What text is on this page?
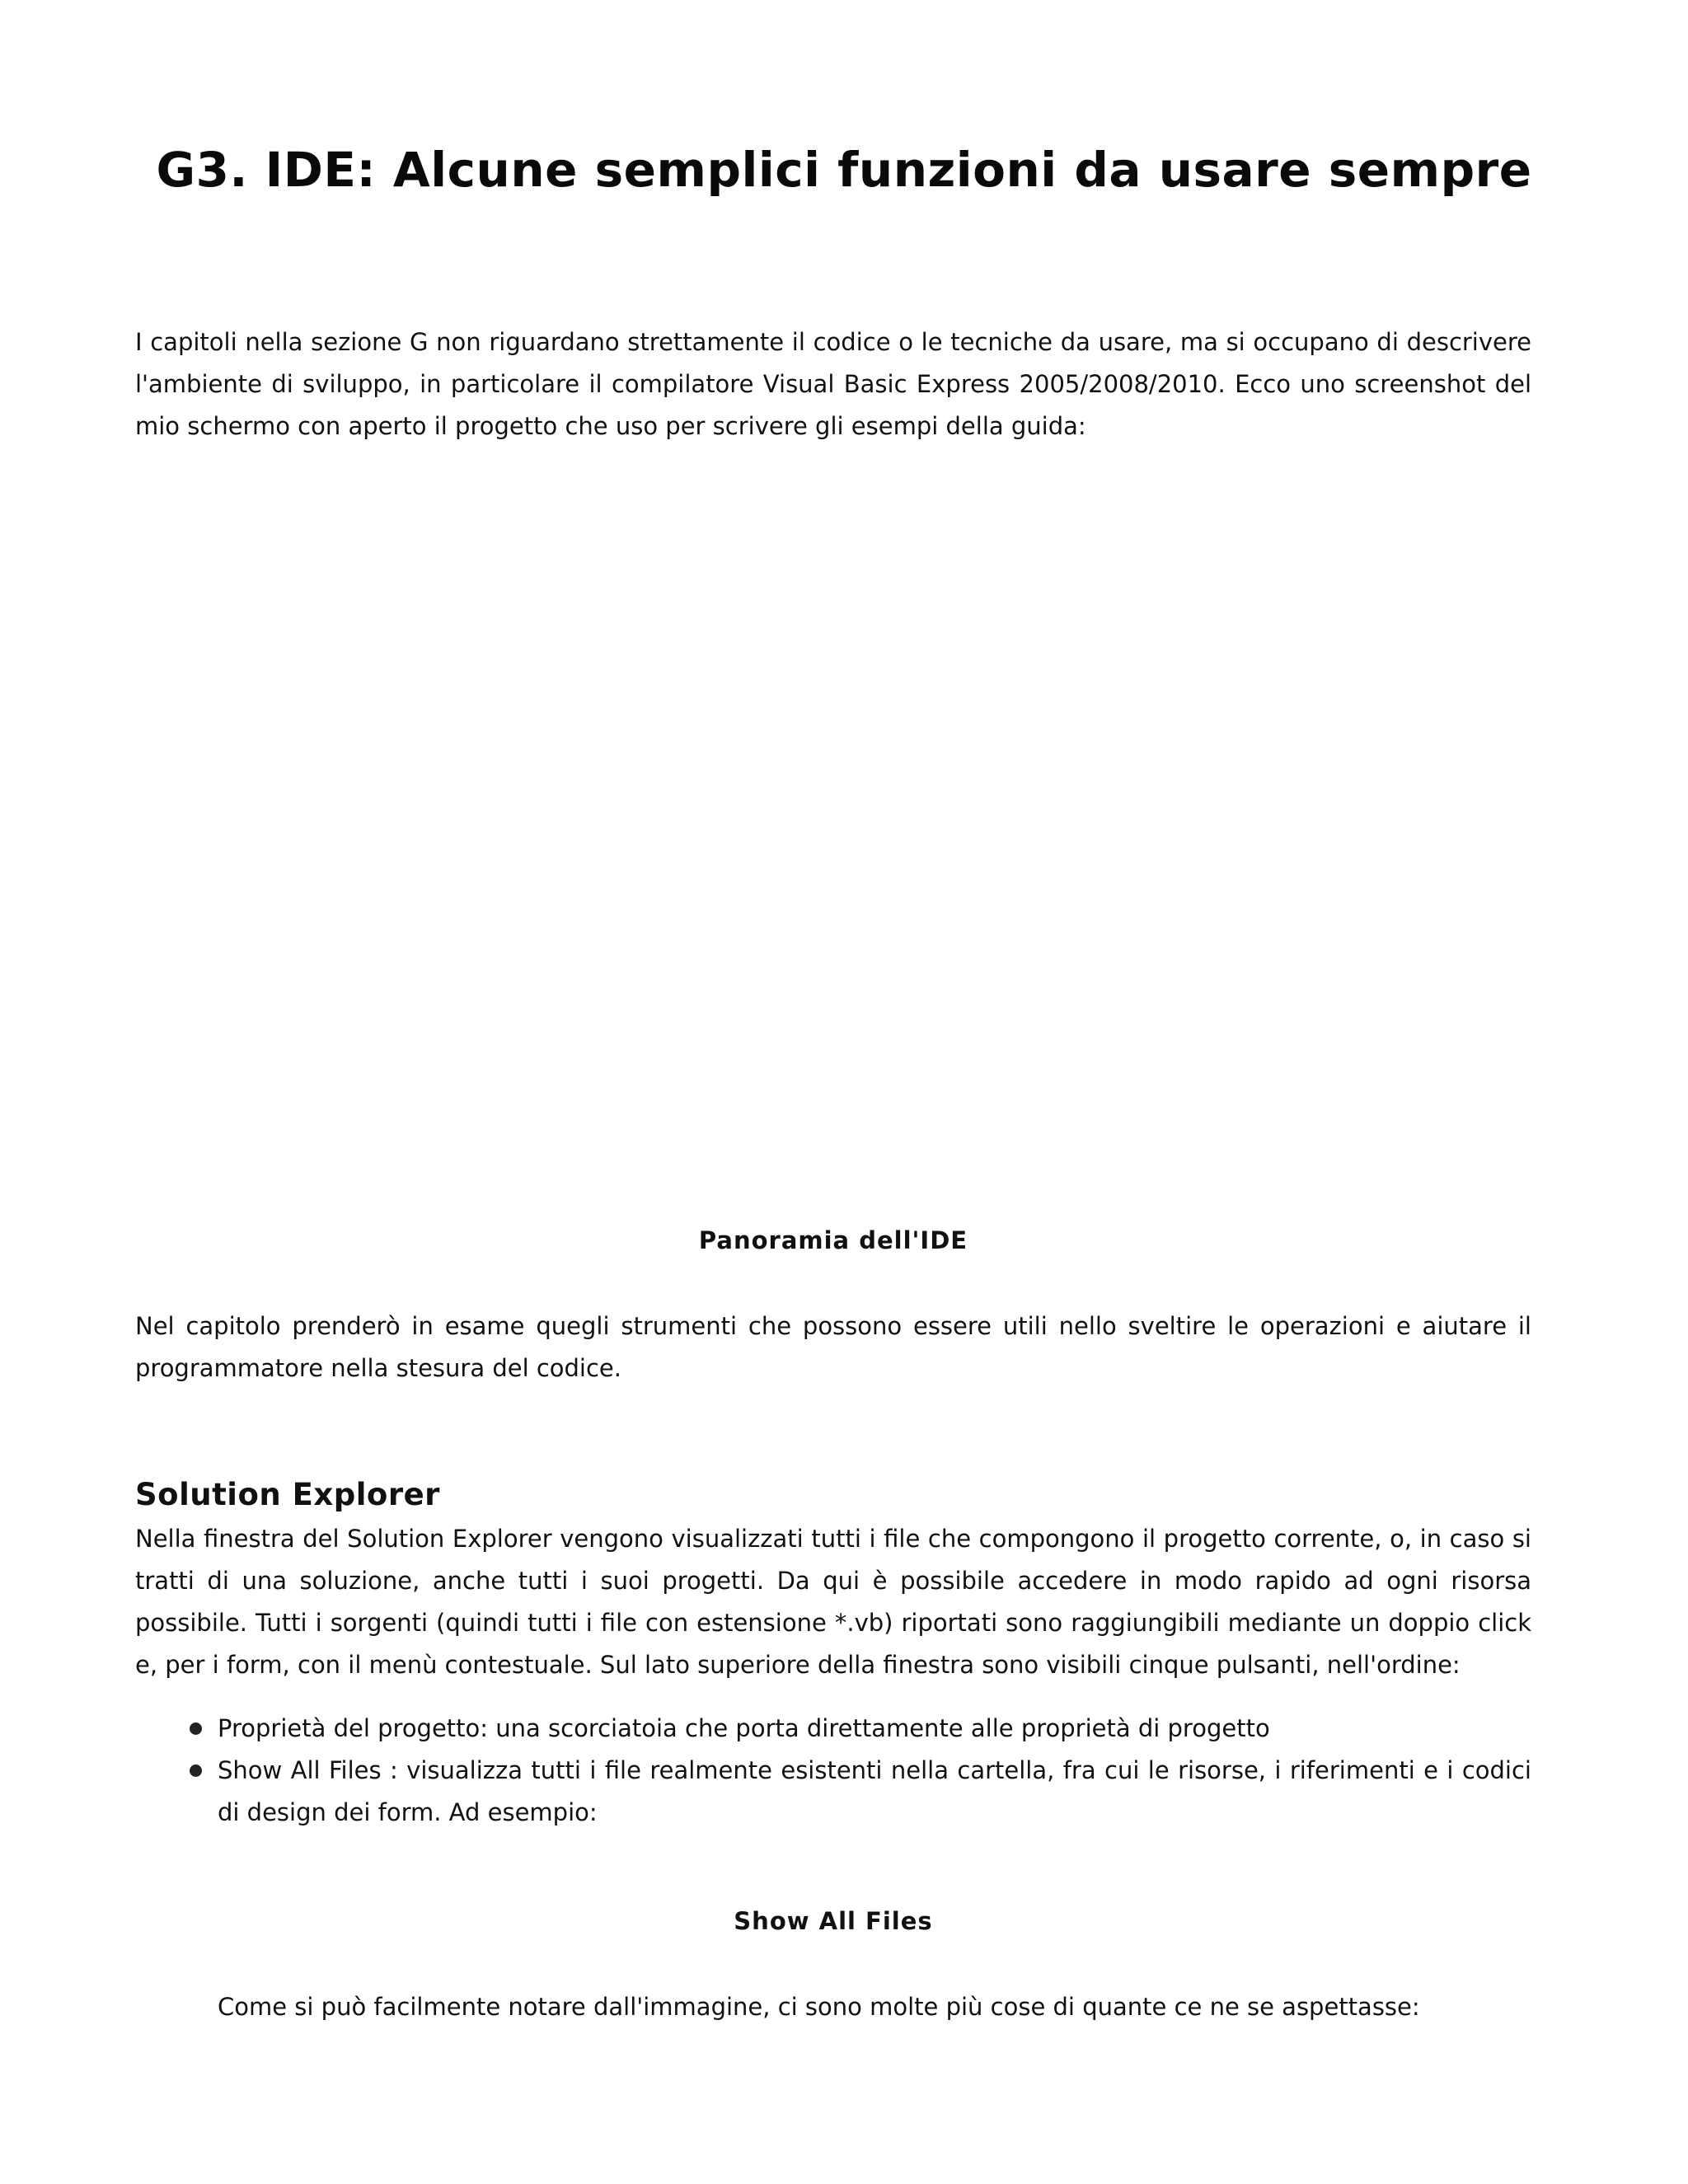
G3. IDE: Alcune semplici funzioni da usare sempre

I capitoli nella sezione G non riguardano strettamente il codice o le tecniche da usare, ma si occupano di descrivere l'ambiente di sviluppo, in particolare il compilatore Visual Basic Express 2005/2008/2010. Ecco uno screenshot del mio schermo con aperto il progetto che uso per scrivere gli esempi della guida:

Panoramia dell'IDE

Nel capitolo prenderò in esame quegli strumenti che possono essere utili nello sveltire le operazioni e aiutare il programmatore nella stesura del codice.

Solution Explorer

Nella finestra del Solution Explorer vengono visualizzati tutti i file che compongono il progetto corrente, o, in caso si tratti di una soluzione, anche tutti i suoi progetti. Da qui è possibile accedere in modo rapido ad ogni risorsa possibile. Tutti i sorgenti (quindi tutti i file con estensione *.vb) riportati sono raggiungibili mediante un doppio click e, per i form, con il menù contestuale. Sul lato superiore della finestra sono visibili cinque pulsanti, nell'ordine:

Proprietà del progetto: una scorciatoia che porta direttamente alle proprietà di progetto
Show All Files : visualizza tutti i file realmente esistenti nella cartella, fra cui le risorse, i riferimenti e i codici di design dei form. Ad esempio:

Show All Files

Come si può facilmente notare dall'immagine, ci sono molte più cose di quante ce ne se aspettasse:
